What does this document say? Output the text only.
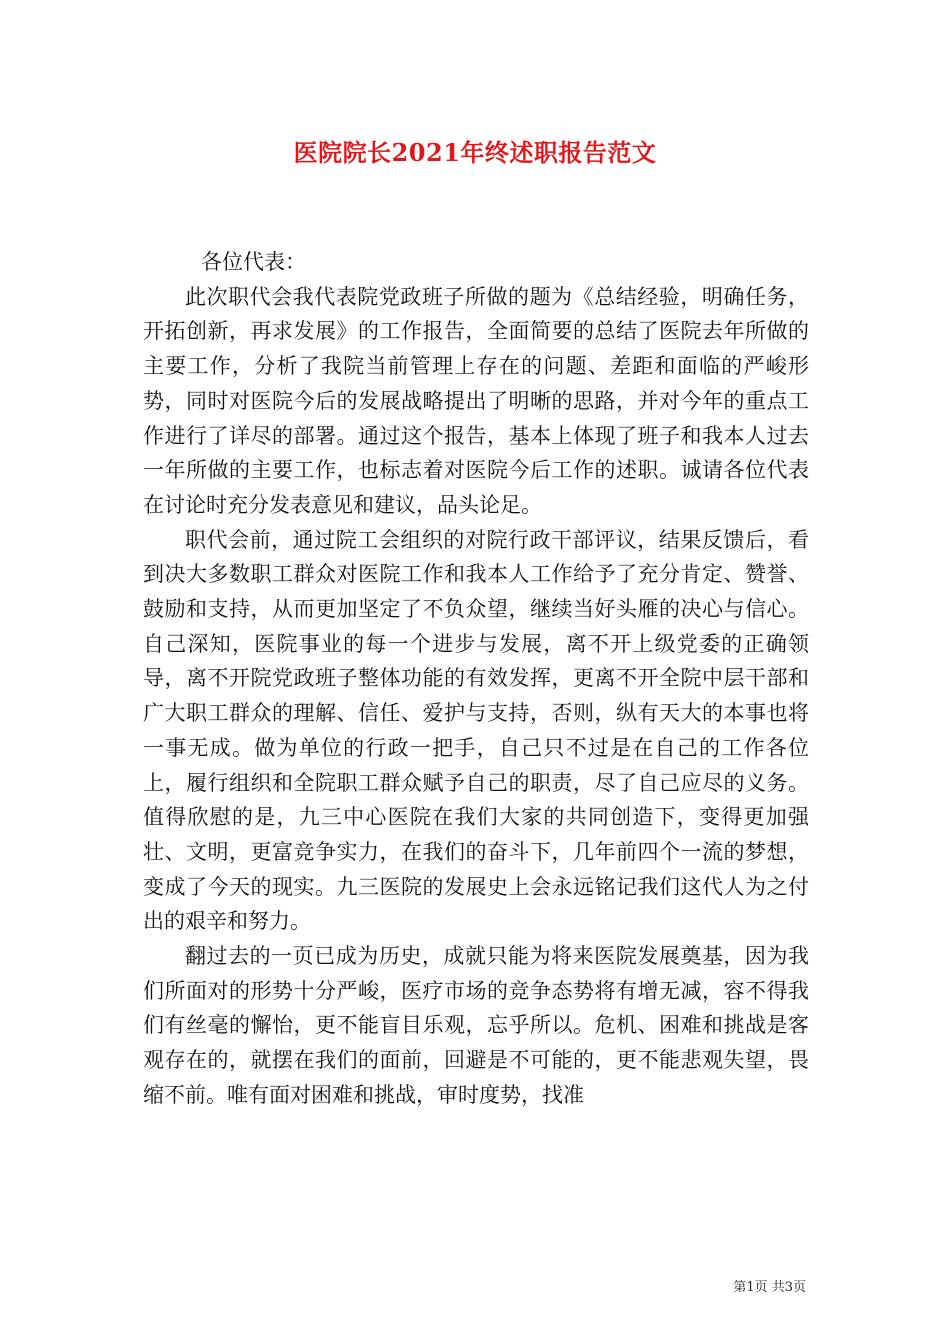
医院院长2021年终述职报告范文

各位代表：

此次职代会我代表院党政班子所做的题为《总结经验，明确任务，开拓创新，再求发展》的工作报告，全面简要的总结了医院去年所做的主要工作，分析了我院当前管理上存在的问题、差距和面临的严峻形势，同时对医院今后的发展战略提出了明晰的思路，并对今年的重点工作进行了详尽的部署。通过这个报告，基本上体现了班子和我本人过去一年所做的主要工作，也标志着对医院今后工作的述职。诚请各位代表在讨论时充分发表意见和建议，品头论足。

职代会前，通过院工会组织的对院行政干部评议，结果反馈后，看到决大多数职工群众对医院工作和我本人工作给予了充分肯定、赞誉、鼓励和支持，从而更加坚定了不负众望，继续当好头雁的决心与信心。自己深知，医院事业的每一个进步与发展，离不开上级党委的正确领导，离不开院党政班子整体功能的有效发挥，更离不开全院中层干部和广大职工群众的理解、信任、爱护与支持，否则，纵有天大的本事也将一事无成。做为单位的行政一把手，自己只不过是在自己的工作各位上，履行组织和全院职工群众赋予自己的职责，尽了自己应尽的义务。值得欣慰的是，九三中心医院在我们大家的共同创造下，变得更加强壮、文明，更富竞争实力，在我们的奋斗下，几年前四个一流的梦想，变成了今天的现实。九三医院的发展史上会永远铭记我们这代人为之付出的艰辛和努力。

翻过去的一页已成为历史，成就只能为将来医院发展奠基，因为我们所面对的形势十分严峻，医疗市场的竞争态势将有增无减，容不得我们有丝毫的懈怡，更不能盲目乐观，忘乎所以。危机、困难和挑战是客观存在的，就摆在我们的面前，回避是不可能的，更不能悲观失望，畏缩不前。唯有面对困难和挑战，审时度势，找准

第1页 共3页
